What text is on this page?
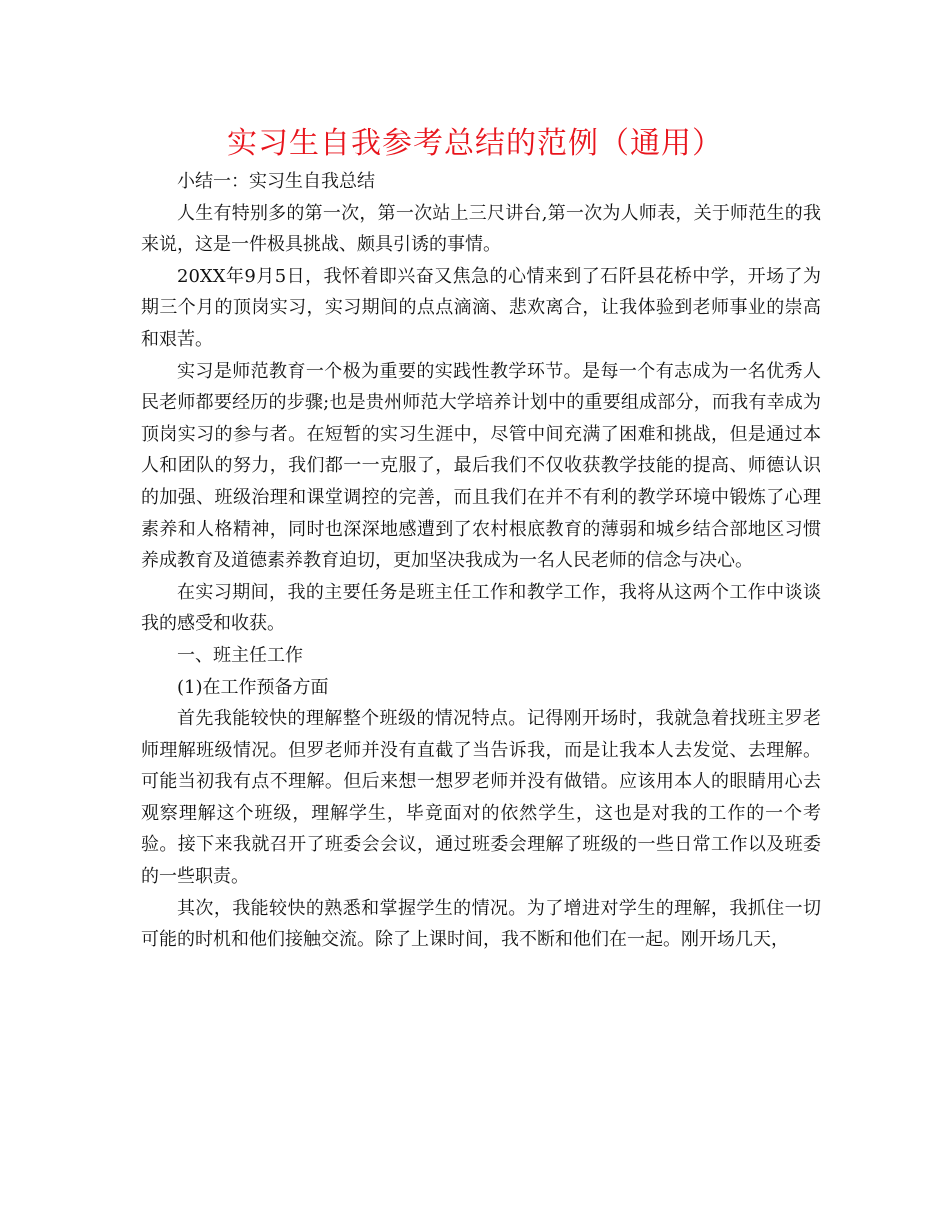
实习生自我参考总结的范例（通用）

小结一：实习生自我总结

人生有特别多的第一次，第一次站上三尺讲台,第一次为人师表，关于师范生的我来说，这是一件极具挑战、颇具引诱的事情。

20XX年9月5日，我怀着即兴奋又焦急的心情来到了石阡县花桥中学，开场了为期三个月的顶岗实习，实习期间的点点滴滴、悲欢离合，让我体验到老师事业的崇高和艰苦。

实习是师范教育一个极为重要的实践性教学环节。是每一个有志成为一名优秀人民老师都要经历的步骤;也是贵州师范大学培养计划中的重要组成部分，而我有幸成为顶岗实习的参与者。在短暂的实习生涯中，尽管中间充满了困难和挑战，但是通过本人和团队的努力，我们都一一克服了，最后我们不仅收获教学技能的提高、师德认识的加强、班级治理和课堂调控的完善，而且我们在并不有利的教学环境中锻炼了心理素养和人格精神，同时也深深地感遭到了农村根底教育的薄弱和城乡结合部地区习惯养成教育及道德素养教育迫切，更加坚决我成为一名人民老师的信念与决心。

在实习期间，我的主要任务是班主任工作和教学工作，我将从这两个工作中谈谈我的感受和收获。

一、班主任工作

(1)在工作预备方面

首先我能较快的理解整个班级的情况特点。记得刚开场时，我就急着找班主罗老师理解班级情况。但罗老师并没有直截了当告诉我，而是让我本人去发觉、去理解。可能当初我有点不理解。但后来想一想罗老师并没有做错。应该用本人的眼睛用心去观察理解这个班级，理解学生，毕竟面对的依然学生，这也是对我的工作的一个考验。接下来我就召开了班委会会议，通过班委会理解了班级的一些日常工作以及班委的一些职责。

其次，我能较快的熟悉和掌握学生的情况。为了增进对学生的理解，我抓住一切可能的时机和他们接触交流。除了上课时间，我不断和他们在一起。刚开场几天，
